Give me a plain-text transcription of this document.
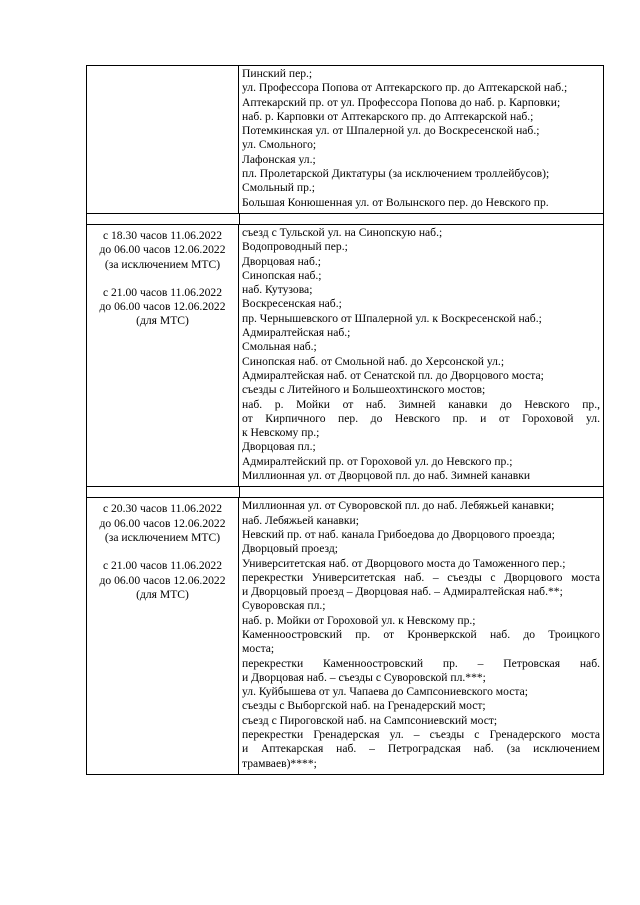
Пинский пер.;
ул. Профессора Попова от Аптекарского пр. до Аптекарской наб.;
Аптекарский пр. от ул. Профессора Попова до наб. р. Карповки;
наб. р. Карповки от Аптекарского пр. до Аптекарской наб.;
Потемкинская ул. от Шпалерной ул. до Воскресенской наб.;
ул. Смольного;
Лафонская ул.;
пл. Пролетарской Диктатуры (за исключением троллейбусов);
Смольный пр.;
Большая Конюшенная ул. от Волынского пер. до Невского пр.
с 18.30 часов 11.06.2022
до 06.00 часов 12.06.2022
(за исключением МТС)
с 21.00 часов 11.06.2022
до 06.00 часов 12.06.2022
(для МТС)
съезд с Тульской ул. на Синопскую наб.;
Водопроводный пер.;
Дворцовая наб.;
Синопская наб.;
наб. Кутузова;
Воскресенская наб.;
пр. Чернышевского от Шпалерной ул. к Воскресенской наб.;
Адмиралтейская наб.;
Смольная наб.;
Синопская наб. от Смольной наб. до Херсонской ул.;
Адмиралтейская наб. от Сенатской пл. до Дворцового моста;
съезды с Литейного и Большеохтинского мостов;
наб. р. Мойки от наб. Зимней канавки до Невского пр.,
от Кирпичного пер. до Невского пр. и от Гороховой ул.
к Невскому пр.;
Дворцовая пл.;
Адмиралтейский пр. от Гороховой ул. до Невского пр.;
Миллионная ул. от Дворцовой пл. до наб. Зимней канавки
с 20.30 часов 11.06.2022
до 06.00 часов 12.06.2022
(за исключением МТС)
с 21.00 часов 11.06.2022
до 06.00 часов 12.06.2022
(для МТС)
Миллионная ул. от Суворовской пл. до наб. Лебяжьей канавки;
наб. Лебяжьей канавки;
Невский пр. от наб. канала Грибоедова до Дворцового проезда;
Дворцовый проезд;
Университетская наб. от Дворцового моста до Таможенного пер.;
перекрестки Университетская наб. – съезды с Дворцового моста
и Дворцовый проезд – Дворцовая наб. – Адмиралтейская наб.**;
Суворовская пл.;
наб. р. Мойки от Гороховой ул. к Невскому пр.;
Каменноостровский пр. от Кронверкской наб. до Троицкого
моста;
перекрестки Каменноостровский пр. – Петровская наб.
и Дворцовая наб. – съезды с Суворовской пл.***;
ул. Куйбышева от ул. Чапаева до Сампсониевского моста;
съезды с Выборгской наб. на Гренадерский мост;
съезд с Пироговской наб. на Сампсониевский мост;
перекрестки Гренадерская ул. – съезды с Гренадерского моста
и Аптекарская наб. – Петроградская наб. (за исключением
трамваев)****;
